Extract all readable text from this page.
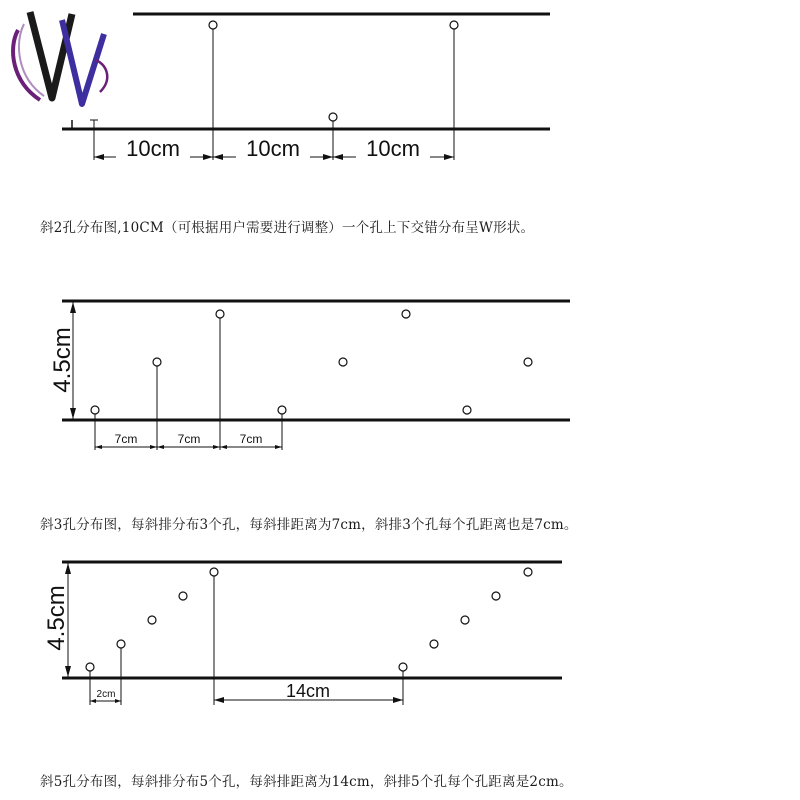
10cm	10cm	10cm
4.5cm
7cm	7cm	7cm
4.5cm
2cm	14cm
斜2孔分布图,10CM（可根据用户需要进行调整）一个孔上下交错分布呈W形状。
斜3孔分布图，每斜排分布3个孔，每斜排距离为7cm，斜排3个孔每个孔距离也是7cm。
斜5孔分布图，每斜排分布5个孔，每斜排距离为14cm，斜排5个孔每个孔距离是2cm。
